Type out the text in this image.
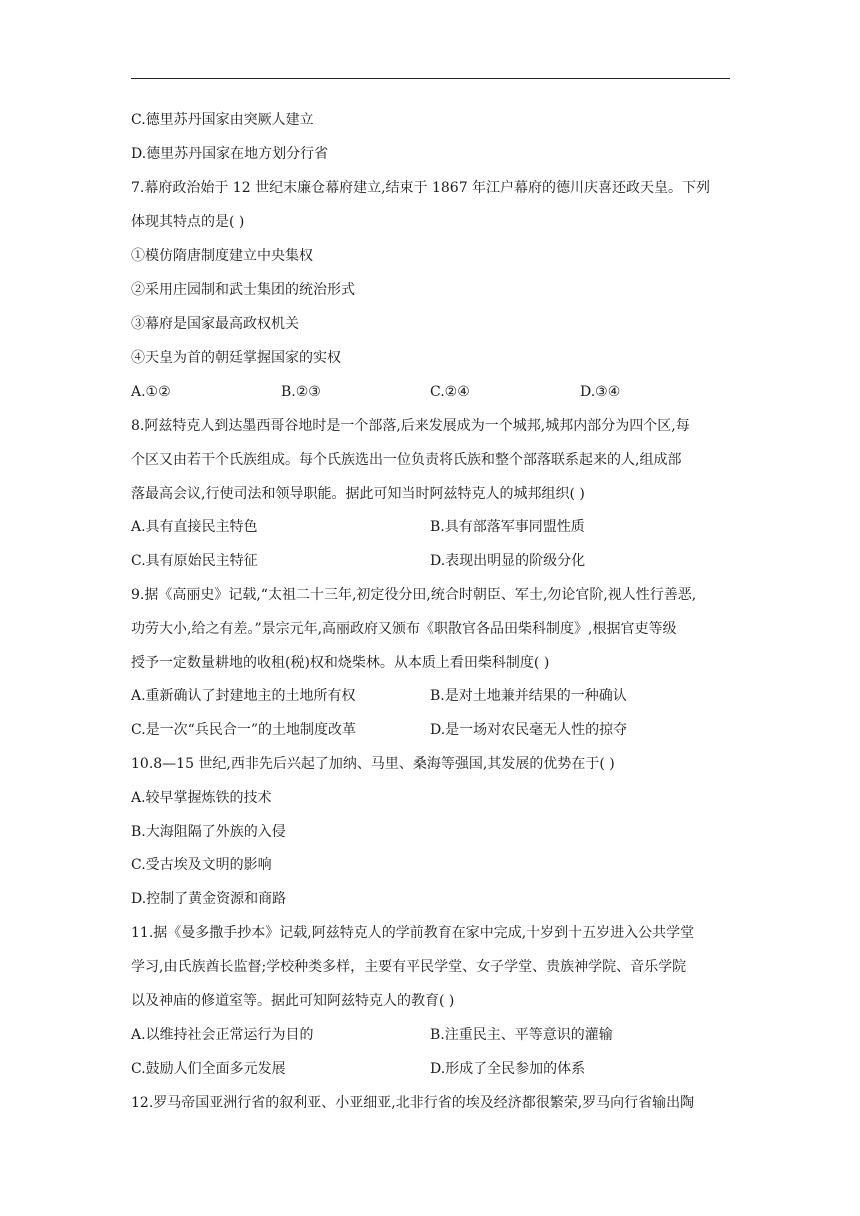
C.德里苏丹国家由突厥人建立
D.德里苏丹国家在地方划分行省
7.幕府政治始于 12 世纪末廉仓幕府建立,结束于 1867 年江户幕府的德川庆喜还政天皇。下列
体现其特点的是( )
①模仿隋唐制度建立中央集权
②采用庄园制和武士集团的统治形式
③幕府是国家最高政权机关
④天皇为首的朝廷掌握国家的实权
A.①②	B.②③	C.②④	D.③④
8.阿兹特克人到达墨西哥谷地时是一个部落,后来发展成为一个城邦,城邦内部分为四个区,每
个区又由若干个氏族组成。每个氏族选出一位负责将氏族和整个部落联系起来的人,组成部
落最高会议,行使司法和领导职能。据此可知当时阿兹特克人的城邦组织( )
A.具有直接民主特色	B.具有部落军事同盟性质
C.具有原始民主特征	D.表现出明显的阶级分化
9.据《高丽史》记载,“太祖二十三年,初定役分田,统合时朝臣、军士,勿论官阶,视人性行善恶,
功劳大小,给之有差。”景宗元年,高丽政府又颁布《职散官各品田柴科制度》,根据官吏等级
授予一定数量耕地的收租(税)权和烧柴林。从本质上看田柴科制度( )
A.重新确认了封建地主的土地所有权	B.是对土地兼并结果的一种确认
C.是一次“兵民合一”的土地制度改革	D.是一场对农民毫无人性的掠夺
10.8—15 世纪,西非先后兴起了加纳、马里、桑海等强国,其发展的优势在于( )
A.较早掌握炼铁的技术
B.大海阻隔了外族的入侵
C.受古埃及文明的影响
D.控制了黄金资源和商路
11.据《曼多撒手抄本》记载,阿兹特克人的学前教育在家中完成,十岁到十五岁进入公共学堂
学习,由氏族酋长监督;学校种类多样，主要有平民学堂、女子学堂、贵族神学院、音乐学院
以及神庙的修道室等。据此可知阿兹特克人的教育( )
A.以维持社会正常运行为目的	B.注重民主、平等意识的灌输
C.鼓励人们全面多元发展	D.形成了全民参加的体系
12.罗马帝国亚洲行省的叙利亚、小亚细亚,北非行省的埃及经济都很繁荣,罗马向行省输出陶
